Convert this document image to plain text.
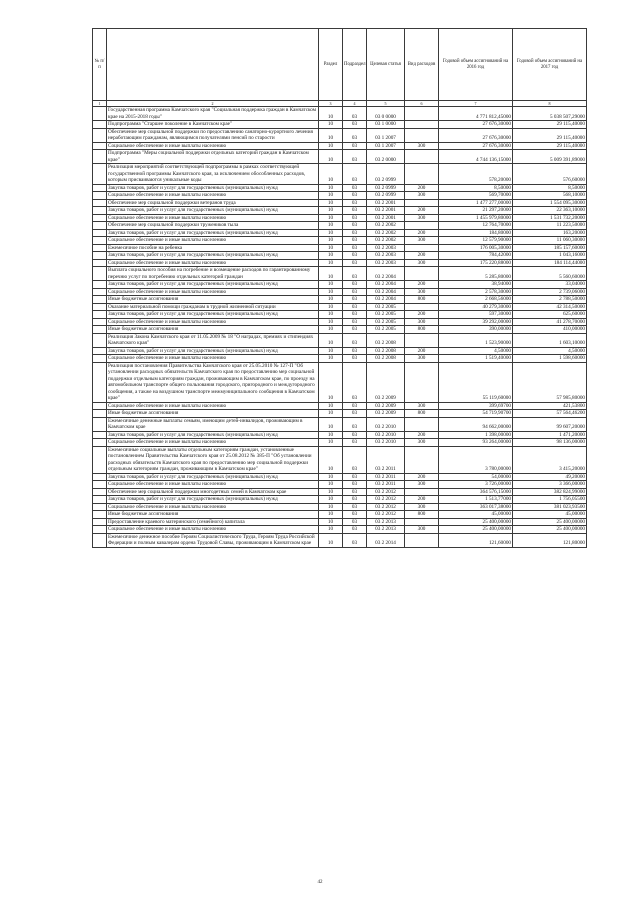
№ п/п		Раздел	Подраздел	Целевая статья	Вид расходов	Годовой объем ассигнований на 2016 год	Годовой объем ассигнований на 2017 год
1	2	3	4	5	6	7	8
	Государственная программа Камчатского края "Социальная поддержка граждан в Камчатском крае на 2015-2018 годы"	10	03	03 0 0000		4 771 812,45000	5 038 507,29000
	Подпрограмма "Старшее поколение в Камчатском крае"	10	03	03 1 0000		27 676,30000	29 115,40000
	Обеспечение мер социальной поддержки по предоставлению санаторно-курортного лечения неработающим гражданам, являющимся получателями пенсий по старости	10	03	03 1 2007		27 676,30000	29 115,40000
	Социальное обеспечение и иные выплаты населению	10	03	03 1 2007	300	27 676,30000	29 115,40000
	Подпрограмма "Меры социальной поддержки отдельных категорий граждан в Камчатском крае"	10	03	03 2 0000		4 744 136,15000	5 009 391,89000
	Реализация мероприятий соответствующей подпрограммы в рамках соответствующей государственной программы Камчатского края, за исключением обособленных расходов, которым присваиваются уникальные коды	10	03	03 2 0999		578,20000	576,60000
	Закупка товаров, работ и услуг для государственных (муниципальных) нужд	10	03	03 2 0999	200	8,50000	8,50000
	Социальное обеспечение и иные выплаты населению	10	03	03 2 0999	300	569,70000	568,10000
	Обеспечение мер социальной поддержки ветеранов труда	10	03	03 2 2001		1 477 277,00000	1 554 095,30000
	Закупка товаров, работ и услуг для государственных (муниципальных) нужд	10	03	03 2 2001	200	21 297,20000	22 363,10000
	Социальное обеспечение и иные выплаты населению	10	03	03 2 2001	300	1 455 979,80000	1 531 732,20000
	Обеспечение мер социальной поддержки тружеников тыла	10	03	03 2 2002		12 764,70000	11 223,50000
	Закупка товаров, работ и услуг для государственных (муниципальных) нужд	10	03	03 2 2002	200	184,80000	163,20000
	Социальное обеспечение и иные выплаты населению	10	03	03 2 2002	300	12 579,90000	11 060,30000
	Ежемесячное пособие на ребенка	10	03	03 2 2003		176 005,30000	185 157,60000
	Закупка товаров, работ и услуг для государственных (муниципальных) нужд	10	03	03 2 2003	200	784,42000	1 043,16000
	Социальное обеспечение и иные выплаты населению	10	03	03 2 2003	300	175 220,88000	184 114,44000
	Выплата социального пособия на погребение и возмещение расходов по гарантированному перечню услуг по погребению отдельных категорий граждан	10	03	03 2 2004		5 285,80000	5 560,60000
	Закупка товаров, работ и услуг для государственных (муниципальных) нужд	10	03	03 2 2004	200	38,94000	33,04000
	Социальное обеспечение и иные выплаты населению	10	03	03 2 2004	300	2 578,30000	2 739,06000
	Иные бюджетные ассигнования	10	03	03 2 2004	800	2 668,56000	2 788,50000
	Оказание материальной помощи гражданам в трудной жизненной ситуации	10	03	03 2 2005		40 279,30000	42 314,50000
	Закупка товаров, работ и услуг для государственных (муниципальных) нужд	10	03	03 2 2005	200	597,30000	625,60000
	Социальное обеспечение и иные выплаты населению	10	03	03 2 2005	300	39 292,00000	41 278,70000
	Иные бюджетные ассигнования	10	03	03 2 2005	800	390,00000	410,00000
	Реализация Закона Камчатского края от 11.05.2009 № 18 "О наградах, премиях и стипендиях Камчатского края"	10	03	03 2 2008		1 523,90000	1 603,10000
	Закупка товаров, работ и услуг для государственных (муниципальных) нужд	10	03	03 2 2008	200	4,50000	4,50000
	Социальное обеспечение и иные выплаты населению	10	03	03 2 2008	300	1 519,40000	1 598,60000
	Реализация постановления Правительства Камчатского края от 25.05.2010 № 127-П "Об установлении расходных обязательств Камчатского края по предоставлению мер социальной поддержки отдельным категориям граждан, проживающим в Камчатском крае, по проезду на автомобильном транспорте общего пользования городского, пригородного и междугородного сообщения, а также на воздушном транспорте межмуниципального сообщения в Камчатском крае"	10	03	03 2 2009		55 119,60000	57 985,80000
	Социальное обеспечение и иные выплаты населению	10	03	03 2 2009	300	399,69700	421,53800
	Иные бюджетные ассигнования	10	03	03 2 2009	800	54 719,90700	57 564,46200
	Ежемесячные денежные выплаты семьям, имеющим детей-инвалидов, проживающим в Камчатском крае	10	03	03 2 2010		94 662,00000	99 607,20000
	Закупка товаров, работ и услуг для государственных (муниципальных) нужд	10	03	03 2 2010	200	1 398,00000	1 471,20000
	Социальное обеспечение и иные выплаты населению	10	03	03 2 2010	300	93 264,00000	98 136,00000
	Ежемесячные социальные выплаты отдельным категориям граждан, установленные постановлением Правительства Камчатского края от 25.08.2012 № 385-П "Об установлении расходных обязательств Камчатского края по предоставлению мер социальной поддержки отдельным категориям граждан, проживающим в Камчатском крае"	10	03	03 2 2011		3 780,00000	3 415,20000
	Закупка товаров, работ и услуг для государственных (муниципальных) нужд	10	03	03 2 2011	200	54,00000	49,20000
	Социальное обеспечение и иные выплаты населению	10	03	03 2 2011	300	3 726,00000	3 366,00000
	Обеспечение мер социальной поддержки многодетных семей в Камчатском крае	10	03	03 2 2012		364 576,15000	382 824,99000
	Закупка товаров, работ и услуг для государственных (муниципальных) нужд	10	03	03 2 2012	200	1 513,77000	1 756,05500
	Социальное обеспечение и иные выплаты населению	10	03	03 2 2012	300	363 017,38000	381 023,93500
	Иные бюджетные ассигнования	10	03	03 2 2012	800	45,00000	45,00000
	Предоставление краевого материнского (семейного) капитала	10	03	03 2 2013		25 400,00000	25 400,00000
	Социальное обеспечение и иные выплаты населению	10	03	03 2 2013	300	25 400,00000	25 400,00000
	Ежемесячное денежное пособие Героям Социалистического Труда, Героям Труда Российской Федерации и полным кавалерам ордена Трудовой Славы, проживающим в Камчатском крае	10	03	03 2 2014		121,60000	121,80000
42
